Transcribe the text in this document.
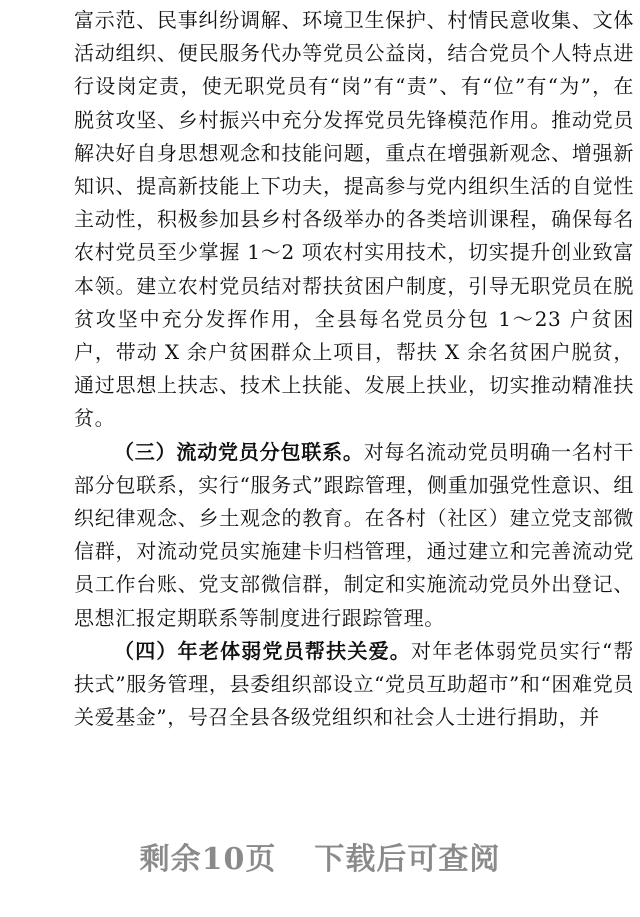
富示范、民事纠纷调解、环境卫生保护、村情民意收集、文体活动组织、便民服务代办等党员公益岗，结合党员个人特点进行设岗定责，使无职党员有“岗”有“责”、有“位”有“为”，在脱贫攻坚、乡村振兴中充分发挥党员先锋模范作用。推动党员解决好自身思想观念和技能问题，重点在增强新观念、增强新知识、提高新技能上下功夫，提高参与党内组织生活的自觉性主动性，积极参加县乡村各级举办的各类培训课程，确保每名农村党员至少掌握 1～2 项农村实用技术，切实提升创业致富本领。建立农村党员结对帮扶贫困户制度，引导无职党员在脱贫攻坚中充分发挥作用，全县每名党员分包 1～23 户贫困户，带动 X 余户贫困群众上项目，帮扶 X 余名贫困户脱贫，通过思想上扶志、技术上扶能、发展上扶业，切实推动精准扶贫。

（三）流动党员分包联系。对每名流动党员明确一名村干部分包联系，实行“服务式”跟踪管理，侧重加强党性意识、组织纪律观念、乡土观念的教育。在各村（社区）建立党支部微信群，对流动党员实施建卡归档管理，通过建立和完善流动党员工作台账、党支部微信群，制定和实施流动党员外出登记、思想汇报定期联系等制度进行跟踪管理。

（四）年老体弱党员帮扶关爱。对年老体弱党员实行“帮扶式”服务管理，县委组织部设立“党员互助超市”和“困难党员关爱基金”，号召全县各级党组织和社会人士进行捐助，并

剩余10页 下载后可查阅
